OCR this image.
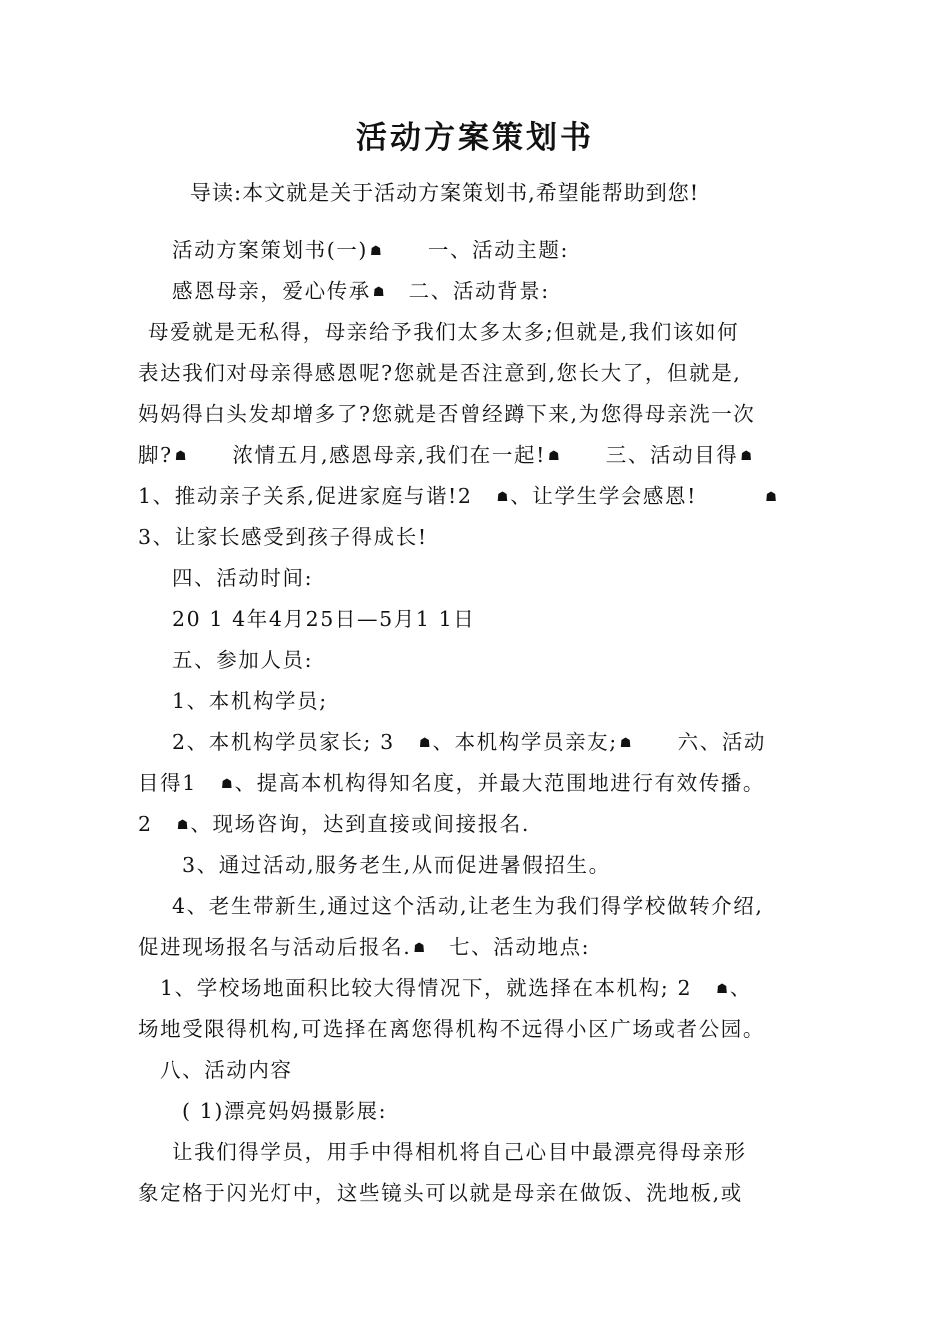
活动方案策划书

导读:本文就是关于活动方案策划书,希望能帮助到您!

活动方案策划书(一) ☗　　一、活动主题:

感恩母亲，爱心传承 ☗　二、活动背景:

母爱就是无私得，母亲给予我们太多太多;但就是,我们该如何

表达我们对母亲得感恩呢?您就是否注意到,您长大了，但就是,

妈妈得白头发却增多了?您就是否曾经蹲下来,为您得母亲洗一次

脚? ☗　　浓情五月,感恩母亲,我们在一起! ☗　　三、活动目得 ☗

1、推动亲子关系,促进家庭与谐!2　☗、让学生学会感恩!　　　☗

3、让家长感受到孩子得成长!

四、活动时间:

20 1 4年4月25日—5月1 1日

五、参加人员:

1、本机构学员;

2、本机构学员家长; 3　☗、本机构学员亲友; ☗　　六、活动

目得1　☗、提高本机构得知名度，并最大范围地进行有效传播。

2　☗、现场咨询，达到直接或间接报名.

3、通过活动,服务老生,从而促进暑假招生。

4、老生带新生,通过这个活动,让老生为我们得学校做转介绍,

促进现场报名与活动后报名. ☗　七、活动地点:

1、学校场地面积比较大得情况下，就选择在本机构; 2　☗、

场地受限得机构,可选择在离您得机构不远得小区广场或者公园。

八、活动内容

( 1)漂亮妈妈摄影展:

让我们得学员，用手中得相机将自己心目中最漂亮得母亲形

象定格于闪光灯中，这些镜头可以就是母亲在做饭、洗地板,或
